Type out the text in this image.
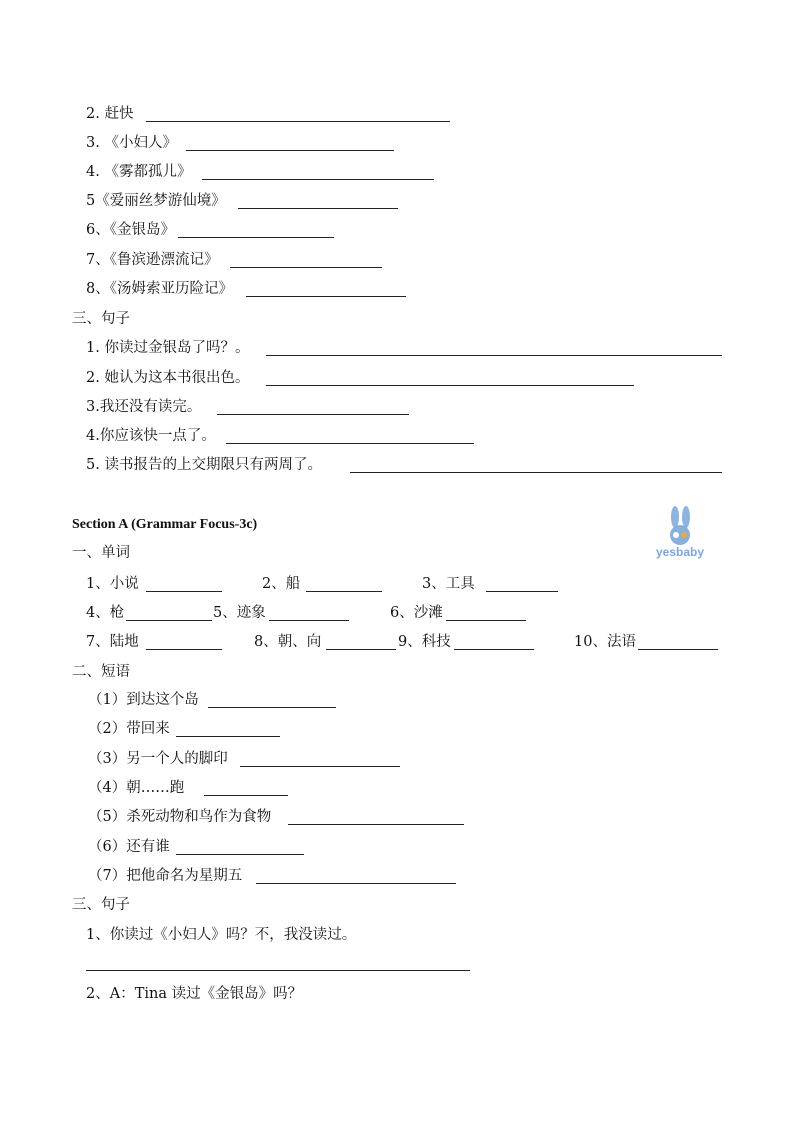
2. 赶快
3. 《小妇人》
4. 《雾都孤儿》
5《爱丽丝梦游仙境》
6、《金银岛》
7、《鲁滨逊漂流记》
8、《汤姆索亚历险记》
三、句子
1. 你读过金银岛了吗？。
2. 她认为这本书很出色。
3.我还没有读完。
4.你应该快一点了。
5. 读书报告的上交期限只有两周了。
Section A (Grammar Focus-3c)
yesbaby
一、单词
1、小说	2、船	3、工具
4、枪	5、迹象	6、沙滩
7、陆地	8、朝、向	9、科技	10、法语
二、短语
（1）到达这个岛
（2）带回来
（3）另一个人的脚印
（4）朝……跑
（5）杀死动物和鸟作为食物
（6）还有谁
（7）把他命名为星期五
三、句子
1、你读过《小妇人》吗？不，我没读过。
2、A：Tina 读过《金银岛》吗？
